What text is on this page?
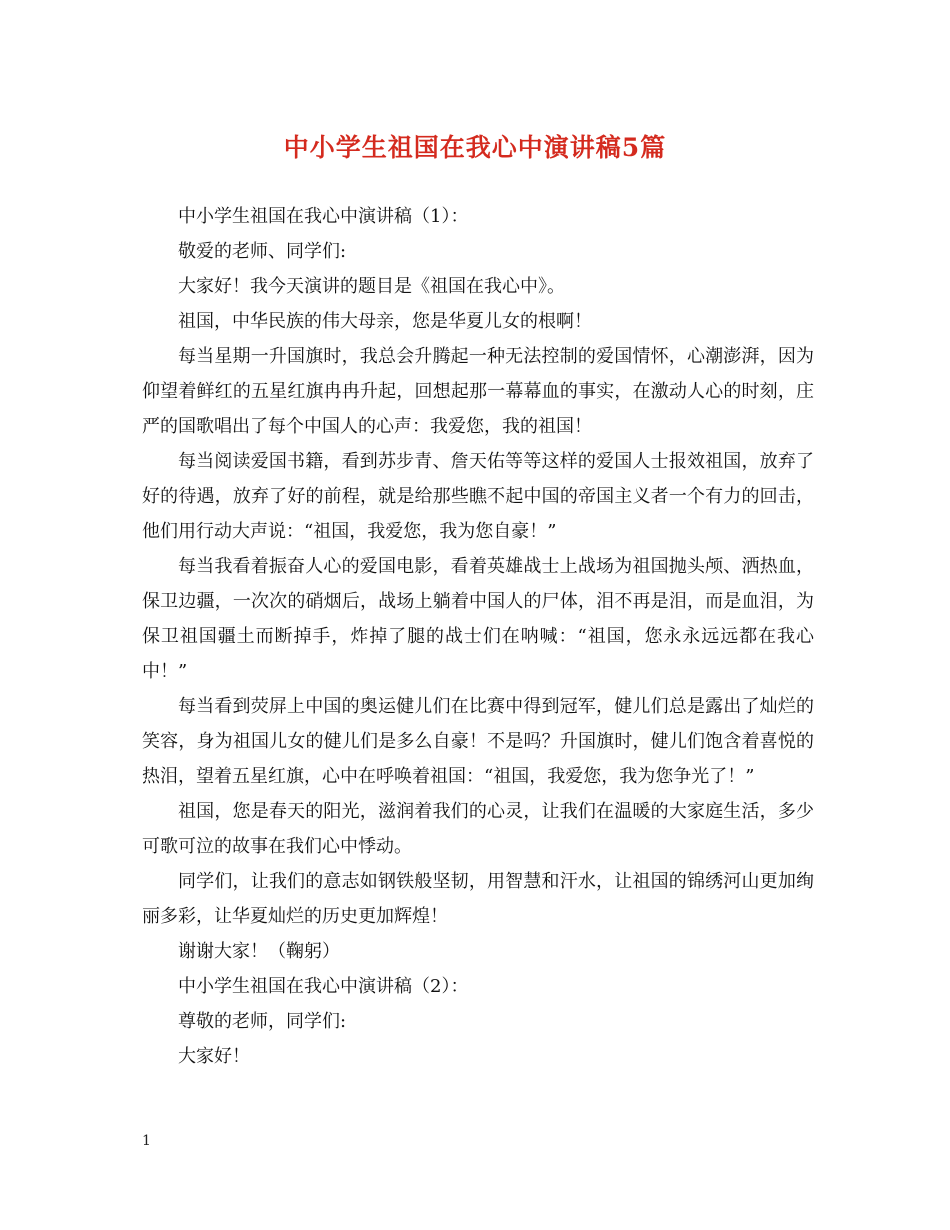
中小学生祖国在我心中演讲稿5篇

中小学生祖国在我心中演讲稿（1）：

敬爱的老师、同学们:

大家好！我今天演讲的题目是《祖国在我心中》。

祖国，中华民族的伟大母亲，您是华夏儿女的根啊！

每当星期一升国旗时，我总会升腾起一种无法控制的爱国情怀，心潮澎湃，因为仰望着鲜红的五星红旗冉冉升起，回想起那一幕幕血的事实，在激动人心的时刻，庄严的国歌唱出了每个中国人的心声：我爱您，我的祖国！

每当阅读爱国书籍，看到苏步青、詹天佑等等这样的爱国人士报效祖国，放弃了好的待遇，放弃了好的前程，就是给那些瞧不起中国的帝国主义者一个有力的回击，他们用行动大声说：“祖国，我爱您，我为您自豪！”

每当我看着振奋人心的爱国电影，看着英雄战士上战场为祖国抛头颅、洒热血，保卫边疆，一次次的硝烟后，战场上躺着中国人的尸体，泪不再是泪，而是血泪，为保卫祖国疆土而断掉手，炸掉了腿的战士们在呐喊：“祖国，您永永远远都在我心中！”

每当看到荧屏上中国的奥运健儿们在比赛中得到冠军，健儿们总是露出了灿烂的笑容，身为祖国儿女的健儿们是多么自豪！不是吗？升国旗时，健儿们饱含着喜悦的热泪，望着五星红旗，心中在呼唤着祖国：“祖国，我爱您，我为您争光了！”

祖国，您是春天的阳光，滋润着我们的心灵，让我们在温暖的大家庭生活，多少可歌可泣的故事在我们心中悸动。

同学们，让我们的意志如钢铁般坚韧，用智慧和汗水，让祖国的锦绣河山更加绚丽多彩，让华夏灿烂的历史更加辉煌！

谢谢大家！（鞠躬）

中小学生祖国在我心中演讲稿（2）：

尊敬的老师，同学们:

大家好！

1
